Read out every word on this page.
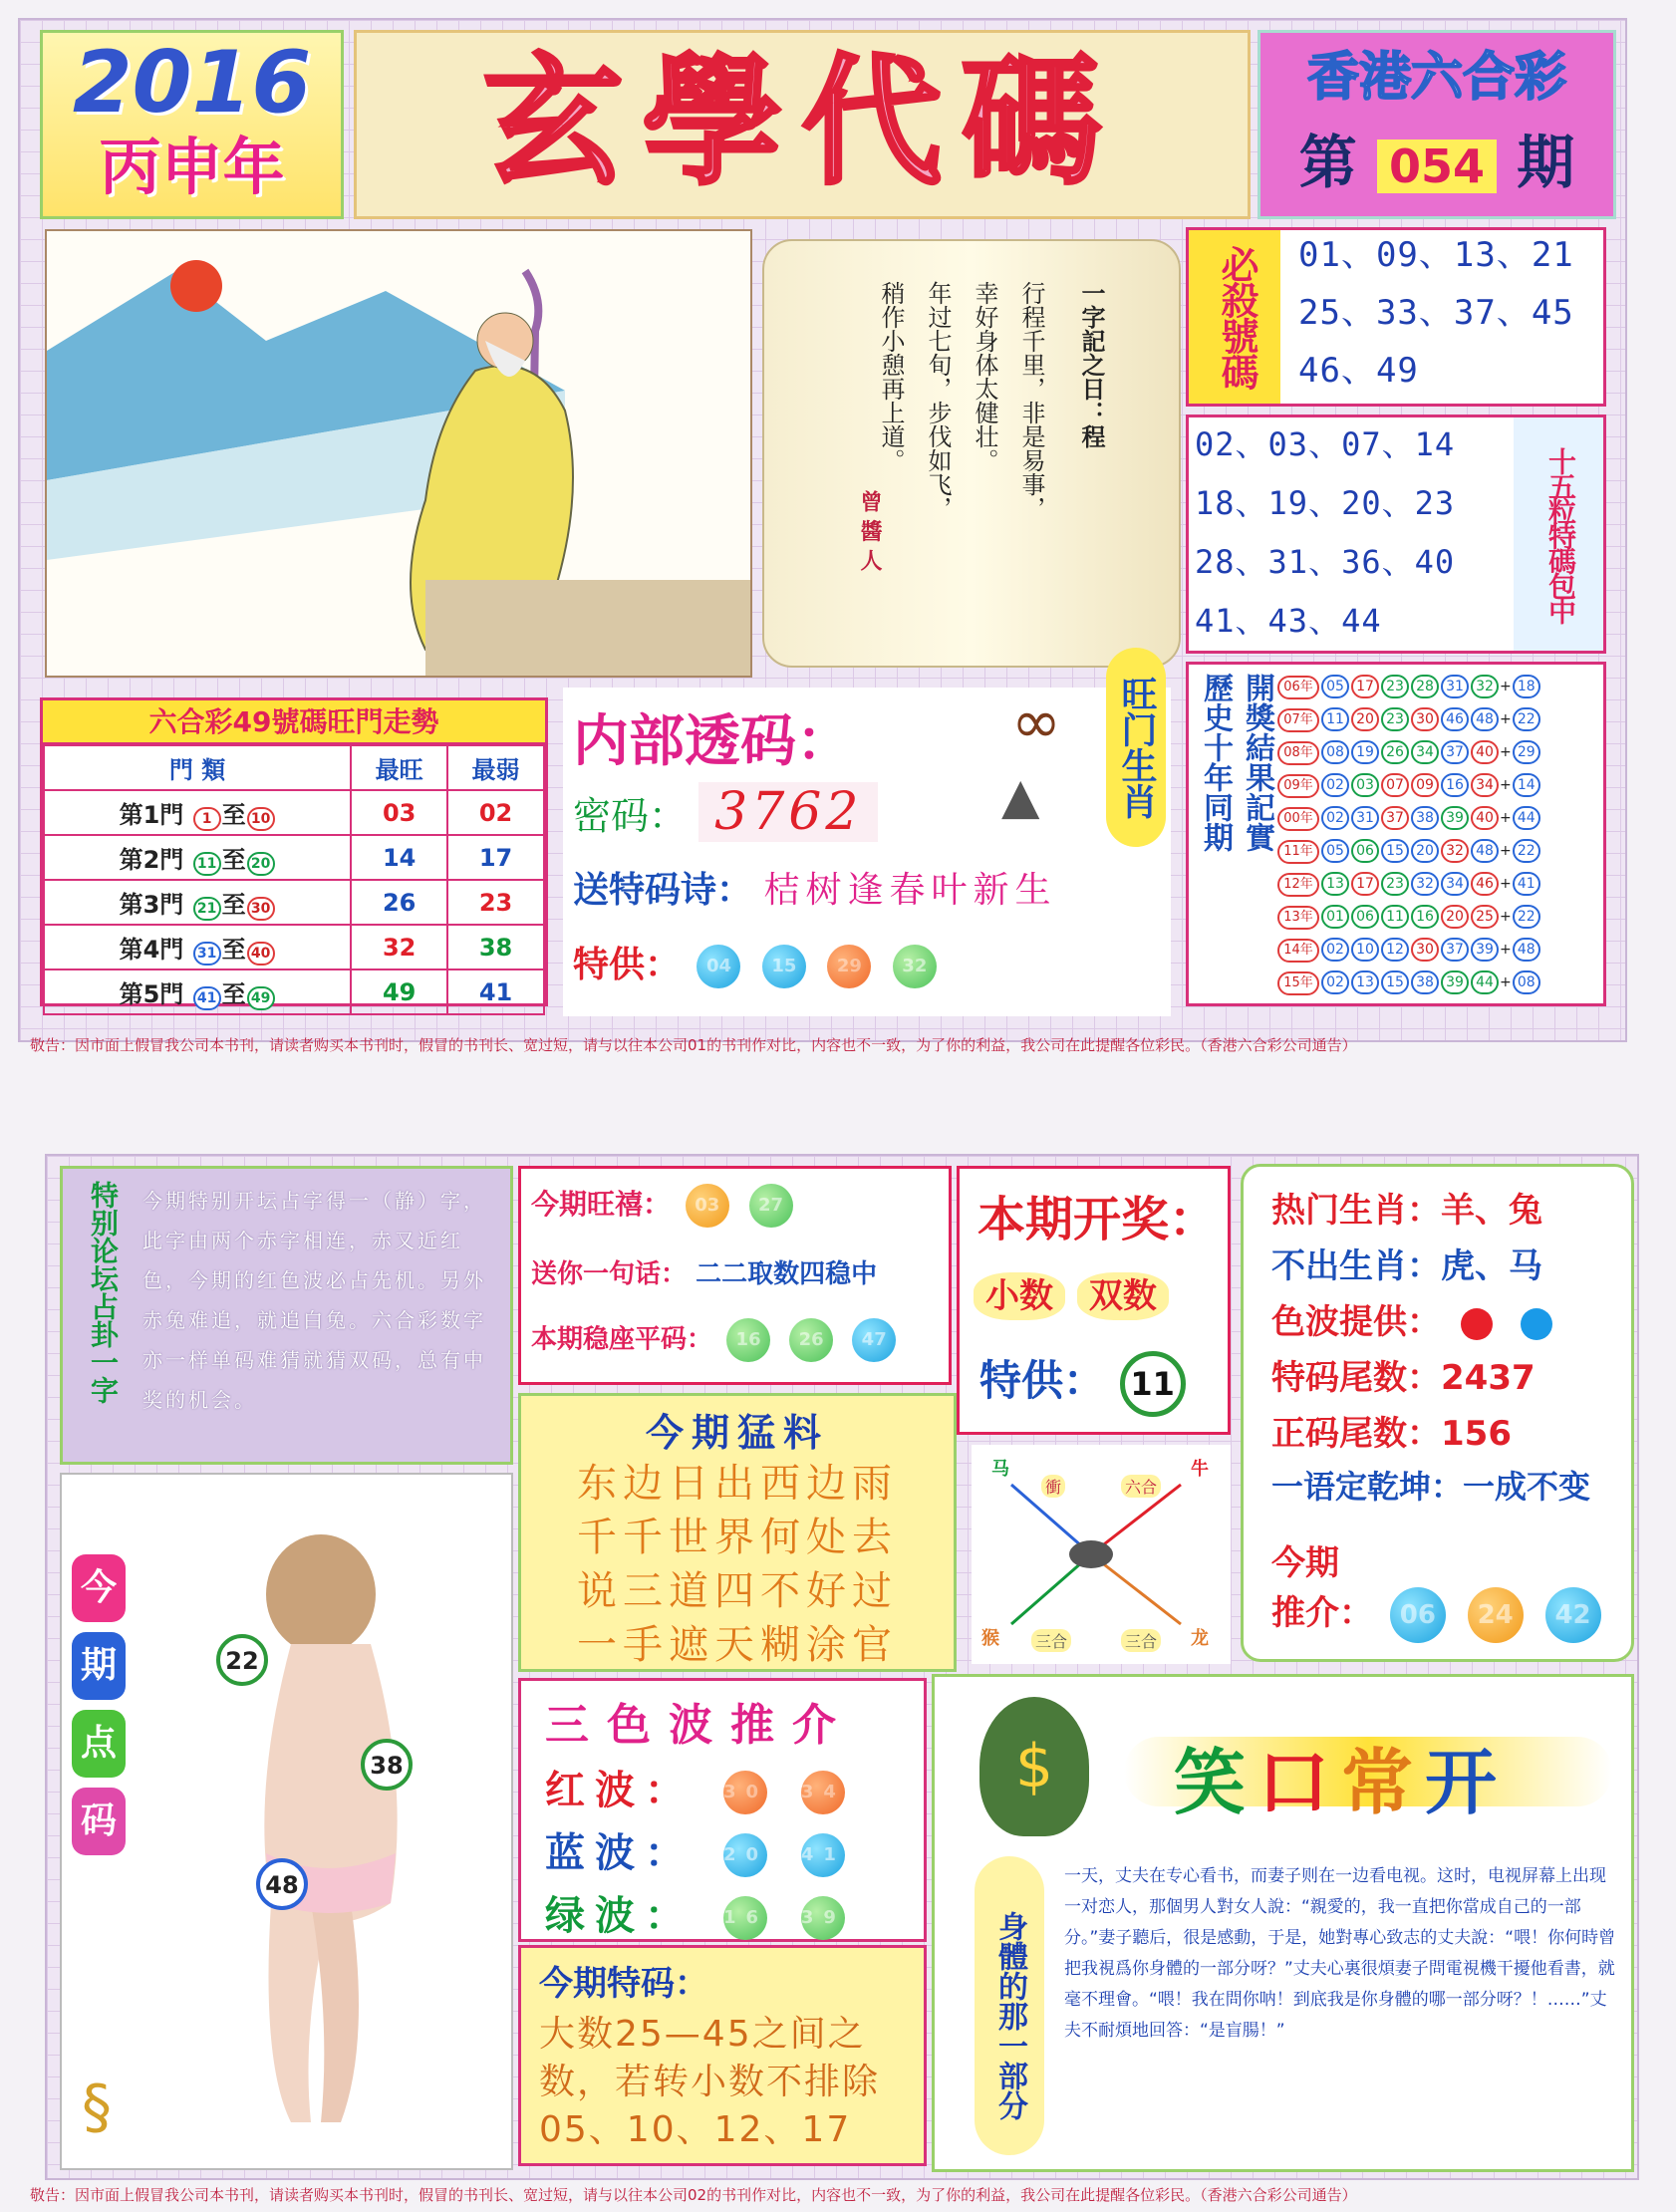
2016
丙申年	玄學代碼	香港六合彩
第 054 期
一字記之日：程
行程千里，非是易事，
幸好身体太健壮。
年过七旬，步伐如飞，
稍作小憩再上道。
曾 醬 人
必殺號碼	01、09、13、21
25、33、37、45
46、49
02、03、07、14
18、19、20、23
28、31、36、40
41、43、44	十五粒特碼包中
六合彩49號碼旺門走勢
門 類	最旺	最弱
第1門 1 至 10	03	02
第2門 11 至 20	14	17
第3門 21 至 30	26	23
第4門 31 至 40	32	38
第5門 41 至 49	49	41
内部透码：
密码： 3762
送特码诗： 桔树逢春叶新生
特供： 04 15 29 32
∞
▲ 旺门生肖	開獎結果記實
歷史十年同期	06年 05 17 23 28 31 32 + 18
07年 11 20 23 30 46 48 + 22
08年 08 19 26 34 37 40 + 29
09年 02 03 07 09 16 34 + 14
00年 02 31 37 38 39 40 + 44
11年 05 06 15 20 32 48 + 22
12年 13 17 23 32 34 46 + 41
13年 01 06 11 16 20 25 + 22
14年 02 10 12 30 37 39 + 48
15年 02 13 15 38 39 44 + 08
敬告：因市面上假冒我公司本书刊，请读者购买本书刊时，假冒的书刊长、宽过短，请与以往本公司01的书刊作对比，内容也不一致，为了你的利益，我公司在此提醒各位彩民。（香港六合彩公司通告）
特别论坛占卦一字 今期特别开坛占字得一（静）字，此字由两个赤字相连，赤又近红色，今期的红色波必占先机。另外赤兔难追，就追白兔。六合彩数字亦一样单码难猜就猜双码，总有中奖的机会。
今
期
点
码
22
38
48
§
今期旺禧： 03 27
送你一句话： 二二取数四稳中
本期稳座平码： 16 26 47
本期开奖：
小数 双数
特供： 11
热门生肖：羊、兔
不出生肖：虎、马
色波提供：
特码尾数：2437
正码尾数：156
一语定乾坤：一成不变
今期
推介： 06 24 42
马
衝	六合
牛
猴 三合	三合 龙
今期猛料
东边日出西边雨
千千世界何处去
说三道四不好过
一手遮天糊涂官
三色波推介
红波： 30 34
蓝波： 20 41
绿波： 16 39
今期特码：
大数25—45之间之数，若转小数不排除05、10、12、17
$	笑口常开
身體的那一部分
一天，丈夫在专心看书，而妻子则在一边看电视。这时，电视屏幕上出现一对恋人，那個男人對女人說：“親愛的，我一直把你當成自己的一部分。”妻子聽后，很是感動，于是，她對專心致志的丈夫說：“喂！你何時曾把我視爲你身體的一部分呀？”丈夫心裏很煩妻子問電視機干擾他看書，就毫不理會。“喂！我在問你呐！到底我是你身體的哪一部分呀？！……”丈夫不耐煩地回答：“是盲腸！”
敬告：因市面上假冒我公司本书刊，请读者购买本书刊时，假冒的书刊长、宽过短，请与以往本公司02的书刊作对比，内容也不一致，为了你的利益，我公司在此提醒各位彩民。（香港六合彩公司通告）
